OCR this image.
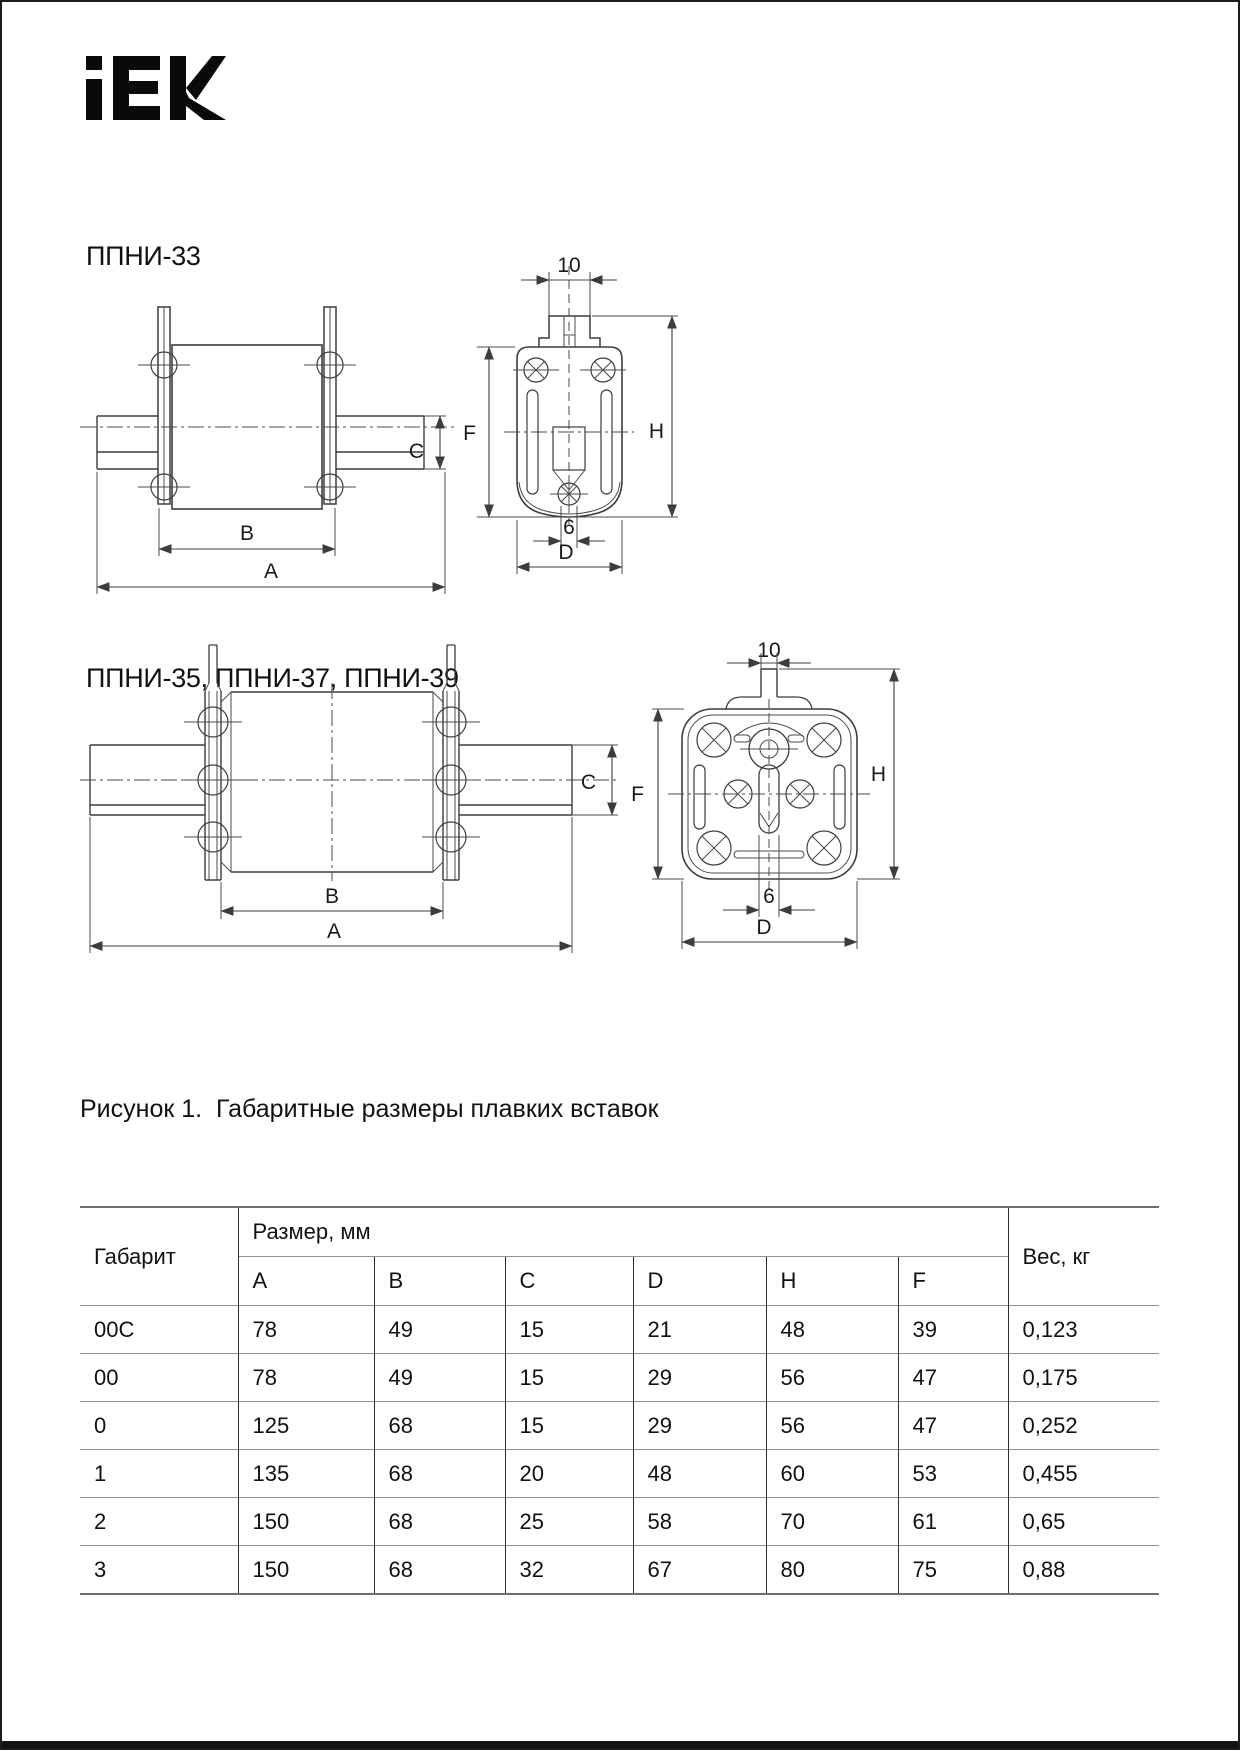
ППНИ-33
C
B
A
10
F	H
6
D
ППНИ-35, ППНИ-37, ППНИ-39
C
B
A
10
F
H
6
D
Рисунок 1.  Габаритные размеры плавких вставок
Габарит	Размер, мм						Вес, кг
	A	B	C	D	H	F	
00C	78	49	15	21	48	39	0,123
00	78	49	15	29	56	47	0,175
0	125	68	15	29	56	47	0,252
1	135	68	20	48	60	53	0,455
2	150	68	25	58	70	61	0,65
3	150	68	32	67	80	75	0,88
